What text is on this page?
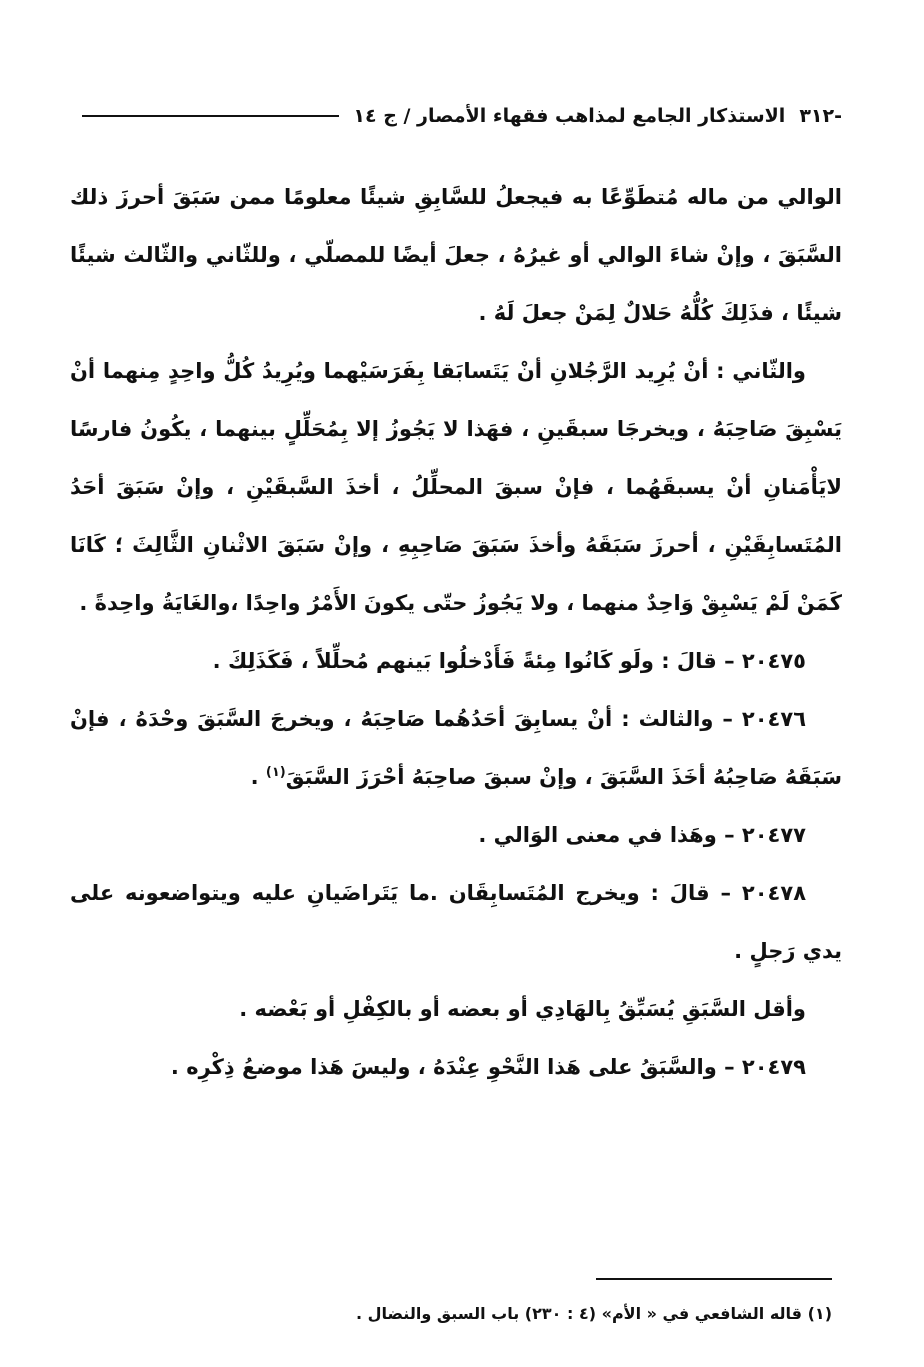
-٣١٢
الاستذكار الجامع لمذاهب فقهاء الأمصار / ج ١٤

الوالي من ماله مُتطَوِّعًا به فيجعلُ للسَّابِقِ شيئًا معلومًا ممن سَبَقَ أحرزَ ذلك السَّبَقَ ، وإنْ شاءَ الوالي أو غيرُهُ ، جعلَ أيضًا للمصلّي ، وللثّاني والثّالث شيئًا شيئًا ، فذَلِكَ كُلُّهُ حَلالٌ لِمَنْ جعلَ لَهُ .

والثّاني : أنْ يُرِيد الرَّجُلانِ أنْ يَتَسابَقا بِفَرَسَيْهما ويُرِيدُ كُلُّ واحِدٍ مِنهما أنْ يَسْبِقَ صَاحِبَهُ ، ويخرجَا سبقَينِ ، فهَذا لا يَجُوزُ إلا بِمُحَلِّلٍ بينهما ، يكُونُ فارسًا لايَأْمَنانِ أنْ يسبقَهُما ، فإنْ سبقَ المحلِّلُ ، أخذَ السَّبقَيْنِ ، وإنْ سَبَقَ أحَدُ المُتَسابِقَيْنِ ، أحرزَ سَبَقَهُ وأخذَ سَبَقَ صَاحِبِهِ ، وإنْ سَبَقَ الاثْنانِ الثَّالِثَ ؛ كَانَا كَمَنْ لَمْ يَسْبِقْ وَاحِدٌ منهما ، ولا يَجُوزُ حتّى يكونَ الأَمْرُ واحِدًا ،والغَايَةُ واحِدةً .

٢٠٤٧٥ – قالَ : ولَو كَانُوا مِئةً فَأَدْخلُوا بَينهم مُحلِّلاً ، فَكَذَلِكَ .

٢٠٤٧٦ – والثالث : أنْ يسابِقَ أحَدُهُما صَاحِبَهُ ، ويخرجَ السَّبَقَ وحْدَهُ ، فإنْ سَبَقَهُ صَاحِبُهُ أخَذَ السَّبَقَ ، وإنْ سبقَ صاحِبَهُ أحْرَزَ السَّبَقَ$^{(١)}$ .

٢٠٤٧٧ – وهَذا في معنى الوَالي .

٢٠٤٧٨ – قالَ : ويخرج المُتَسابِقَان .ما يَتَراضَيانِ عليه ويتواضعونه على يدي رَجلٍ .

وأقل السَّبَقِ يُسَبِّقُ بِالهَادِي أو بعضه أو بالكِفْلِ أو بَعْضه .

٢٠٤٧٩ – والسَّبَقُ على هَذا النَّحْوِ عِنْدَهُ ، وليسَ هَذا موضعُ ذِكْرِه .

(١) قاله الشافعي في « الأم» (٤ : ٢٣٠) باب السبق والنضال .
